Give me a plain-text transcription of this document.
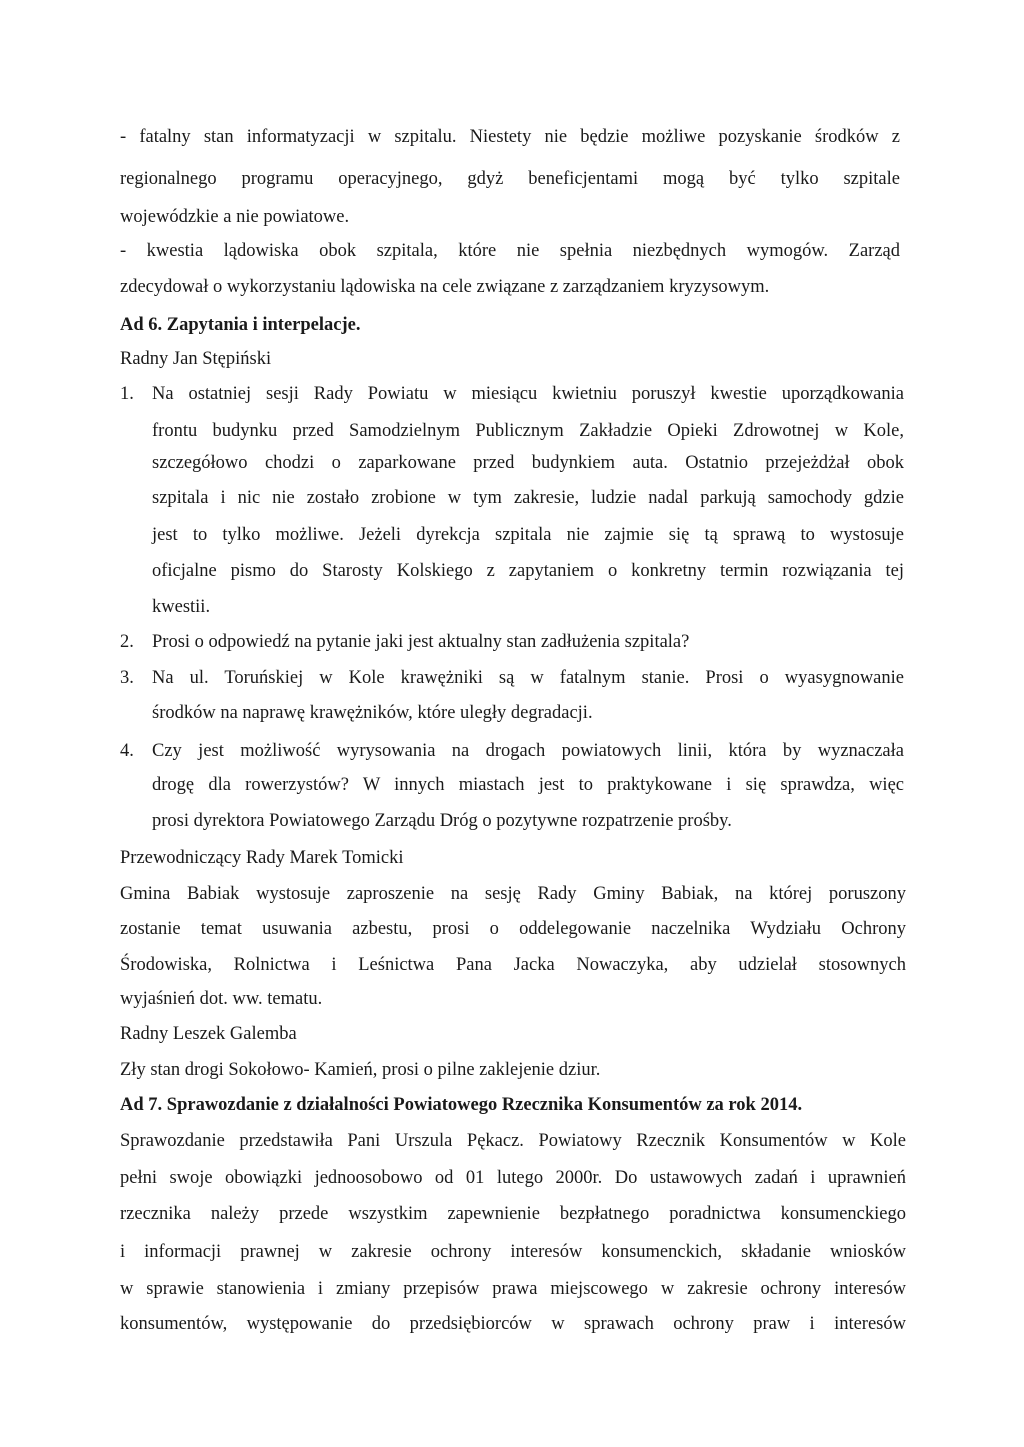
- fatalny stan informatyzacji w szpitalu. Niestety nie będzie możliwe pozyskanie środków z
regionalnego programu operacyjnego, gdyż beneficjentami mogą być tylko szpitale
wojewódzkie a nie powiatowe.
- kwestia lądowiska obok szpitala, które nie spełnia niezbędnych wymogów. Zarząd
zdecydował o wykorzystaniu lądowiska na cele związane z zarządzaniem kryzysowym.
Ad 6. Zapytania i interpelacje.
Radny Jan Stępiński
1. Na ostatniej sesji Rady Powiatu w miesiącu kwietniu poruszył kwestie uporządkowania
frontu budynku przed Samodzielnym Publicznym Zakładzie Opieki Zdrowotnej w Kole,
szczegółowo chodzi o zaparkowane przed budynkiem auta. Ostatnio przejeżdżał obok
szpitala i nic nie zostało zrobione w tym zakresie, ludzie nadal parkują samochody gdzie
jest to tylko możliwe. Jeżeli dyrekcja szpitala nie zajmie się tą sprawą to wystosuje
oficjalne pismo do Starosty Kolskiego z zapytaniem o konkretny termin rozwiązania tej
kwestii.
2. Prosi o odpowiedź na pytanie jaki jest aktualny stan zadłużenia szpitala?
3. Na ul. Toruńskiej w Kole krawężniki są w fatalnym stanie. Prosi o wyasygnowanie
środków na naprawę krawężników, które uległy degradacji.
4. Czy jest możliwość wyrysowania na drogach powiatowych linii, która by wyznaczała
drogę dla rowerzystów? W innych miastach jest to praktykowane i się sprawdza, więc
prosi dyrektora Powiatowego Zarządu Dróg o pozytywne rozpatrzenie prośby.
Przewodniczący Rady Marek Tomicki
Gmina Babiak wystosuje zaproszenie na sesję Rady Gminy Babiak, na której poruszony
zostanie temat usuwania azbestu, prosi o oddelegowanie naczelnika Wydziału Ochrony
Środowiska, Rolnictwa i Leśnictwa Pana Jacka Nowaczyka, aby udzielał stosownych
wyjaśnień dot. ww. tematu.
Radny Leszek Galemba
Zły stan drogi Sokołowo- Kamień, prosi o pilne zaklejenie dziur.
Ad 7. Sprawozdanie z działalności Powiatowego Rzecznika Konsumentów za rok 2014.
Sprawozdanie przedstawiła Pani Urszula Pękacz. Powiatowy Rzecznik Konsumentów w Kole
pełni swoje obowiązki jednoosobowo od 01 lutego 2000r. Do ustawowych zadań i uprawnień
rzecznika należy przede wszystkim zapewnienie bezpłatnego poradnictwa konsumenckiego
i informacji prawnej w zakresie ochrony interesów konsumenckich, składanie wniosków
w sprawie stanowienia i zmiany przepisów prawa miejscowego w zakresie ochrony interesów
konsumentów, występowanie do przedsiębiorców w sprawach ochrony praw i interesów
